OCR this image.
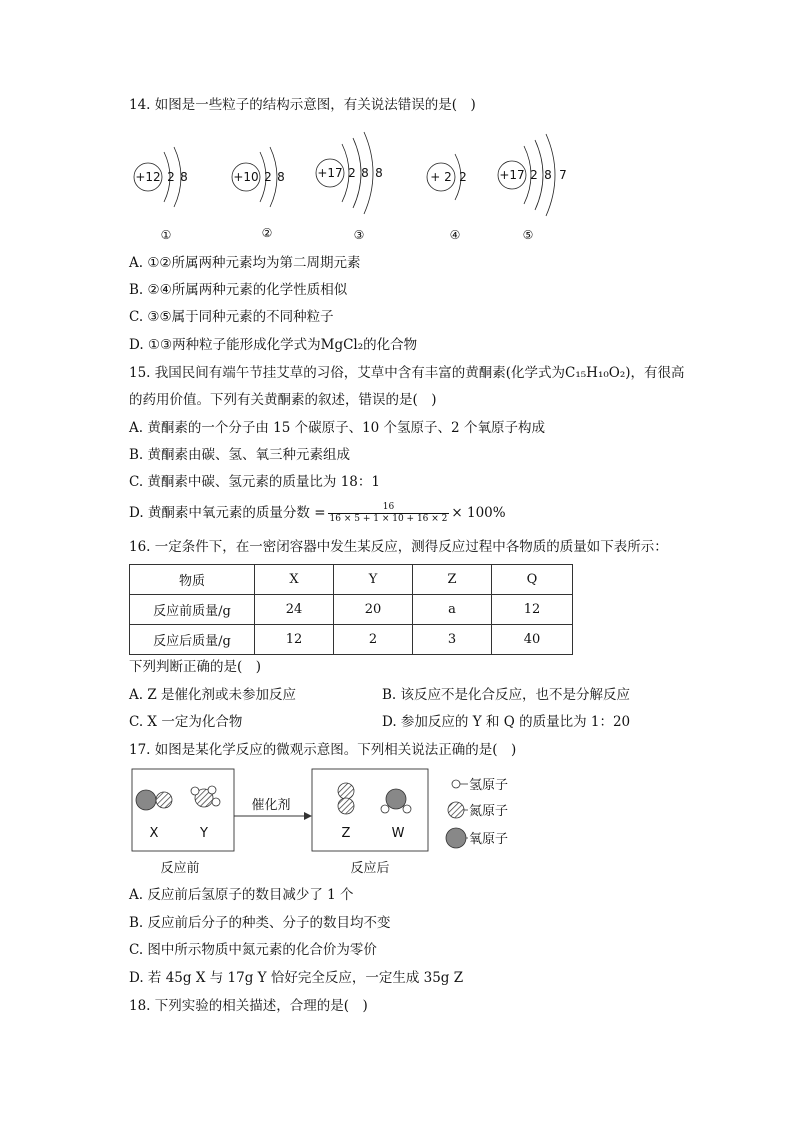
14. 如图是一些粒子的结构示意图，有关说法错误的是(　)
+12 2 8
①
+10 2 8
②
+17 2 8 8
③
+ 2 2
④
+17 2 8 7
⑤
A. ①②所属两种元素均为第二周期元素
B. ②④所属两种元素的化学性质相似
C. ③⑤属于同种元素的不同种粒子
D. ①③两种粒子能形成化学式为MgCl₂的化合物
15. 我国民间有端午节挂艾草的习俗，艾草中含有丰富的黄酮素(化学式为C₁₅H₁₀O₂)，有很高
的药用价值。下列有关黄酮素的叙述，错误的是(　)
A. 黄酮素的一个分子由 15 个碳原子、10 个氢原子、2 个氧原子构成
B. 黄酮素由碳、氢、氧三种元素组成
C. 黄酮素中碳、氢元素的质量比为 18：1
D. 黄酮素中氧元素的质量分数 = $\frac{16}{16 \times 5 + 1 \times 10 + 16 \times 2} \times 100\%$
16. 一定条件下，在一密闭容器中发生某反应，测得反应过程中各物质的质量如下表所示：
物质	X	Y	Z	Q
反应前质量/g	24	20	a	12
反应后质量/g	12	2	3	40
下列判断正确的是(　)
A. Z 是催化剂或未参加反应	B. 该反应不是化合反应，也不是分解反应
C. X 一定为化合物	D. 参加反应的 Y 和 Q 的质量比为 1：20
17. 如图是某化学反应的微观示意图。下列相关说法正确的是(　)
催化剂
X	Y	Z	W
反应前	反应后
氢原子
氮原子
氧原子
A. 反应前后氢原子的数目减少了 1 个
B. 反应前后分子的种类、分子的数目均不变
C. 图中所示物质中氮元素的化合价为零价
D. 若 45g X 与 17g Y 恰好完全反应，一定生成 35g Z
18. 下列实验的相关描述，合理的是(　)
